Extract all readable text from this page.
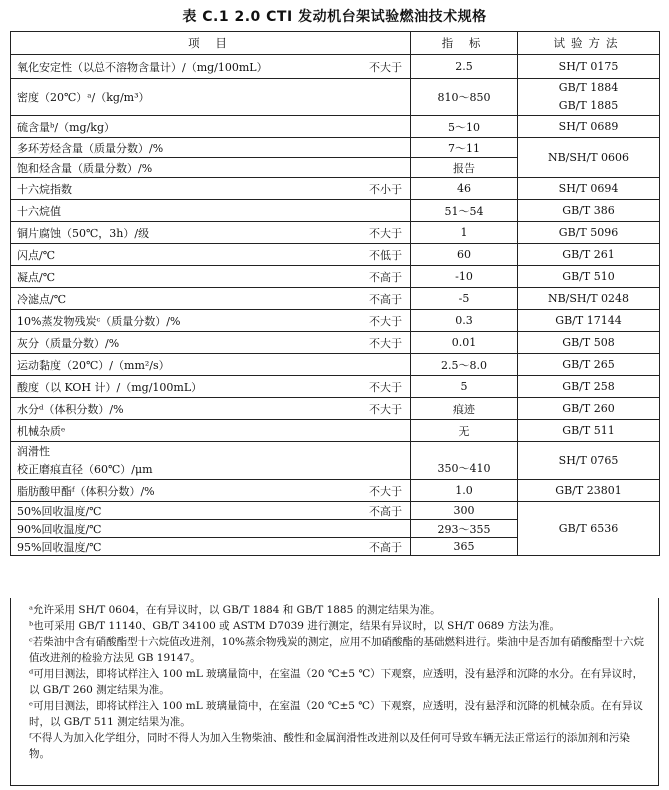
表 C.1 2.0 CTI 发动机台架试验燃油技术规格
项 目		指 标	试验方法
氧化安定性（以总不溶物含量计）/（mg/100mL）	不大于	2.5	SH/T 0175
密度（20℃）ᵃ/（kg/m³）		810～850	GB/T 1884
GB/T 1885
硫含量ᵇ/（mg/kg）		5～10	SH/T 0689
多环芳烃含量（质量分数）/%		7～11	NB/SH/T 0606
饱和烃含量（质量分数）/%		报告	
十六烷指数	不小于	46	SH/T 0694
十六烷值		51～54	GB/T 386
铜片腐蚀（50℃，3h）/级	不大于	1	GB/T 5096
闪点/℃	不低于	60	GB/T 261
凝点/℃	不高于	-10	GB/T 510
冷滤点/℃	不高于	-5	NB/SH/T 0248
10%蒸发物残炭ᶜ（质量分数）/%	不大于	0.3	GB/T 17144
灰分（质量分数）/%	不大于	0.01	GB/T 508
运动黏度（20℃）/（mm²/s）		2.5～8.0	GB/T 265
酸度（以 KOH 计）/（mg/100mL）	不大于	5	GB/T 258
水分ᵈ（体积分数）/%	不大于	痕迹	GB/T 260
机械杂质ᵉ		无	GB/T 511
润滑性
校正磨痕直径（60℃）/μm		350～410	SH/T 0765
脂肪酸甲酯ᶠ（体积分数）/%	不大于	1.0	GB/T 23801
50%回收温度/℃	不高于	300	GB/T 6536
90%回收温度/℃		293～355	
95%回收温度/℃	不高于	365	

ᵃ允许采用 SH/T 0604，在有异议时，以 GB/T 1884 和 GB/T 1885 的测定结果为准。

ᵇ也可采用 GB/T 11140、GB/T 34100 或 ASTM D7039 进行测定，结果有异议时，以 SH/T 0689 方法为准。

ᶜ若柴油中含有硝酸酯型十六烷值改进剂，10%蒸余物残炭的测定，应用不加硝酸酯的基础燃料进行。柴油中是否加有硝酸酯型十六烷值改进剂的检验方法见 GB 19147。

ᵈ可用目测法，即将试样注入 100 mL 玻璃量筒中，在室温（20 ℃±5 ℃）下观察，应透明，没有悬浮和沉降的水分。在有异议时，以 GB/T 260 测定结果为准。

ᵉ可用目测法，即将试样注入 100 mL 玻璃量筒中，在室温（20 ℃±5 ℃）下观察，应透明，没有悬浮和沉降的机械杂质。在有异议时，以 GB/T 511 测定结果为准。

ᶠ不得人为加入化学组分，同时不得人为加入生物柴油、酸性和金属润滑性改进剂以及任何可导致车辆无法正常运行的添加剂和污染物。
